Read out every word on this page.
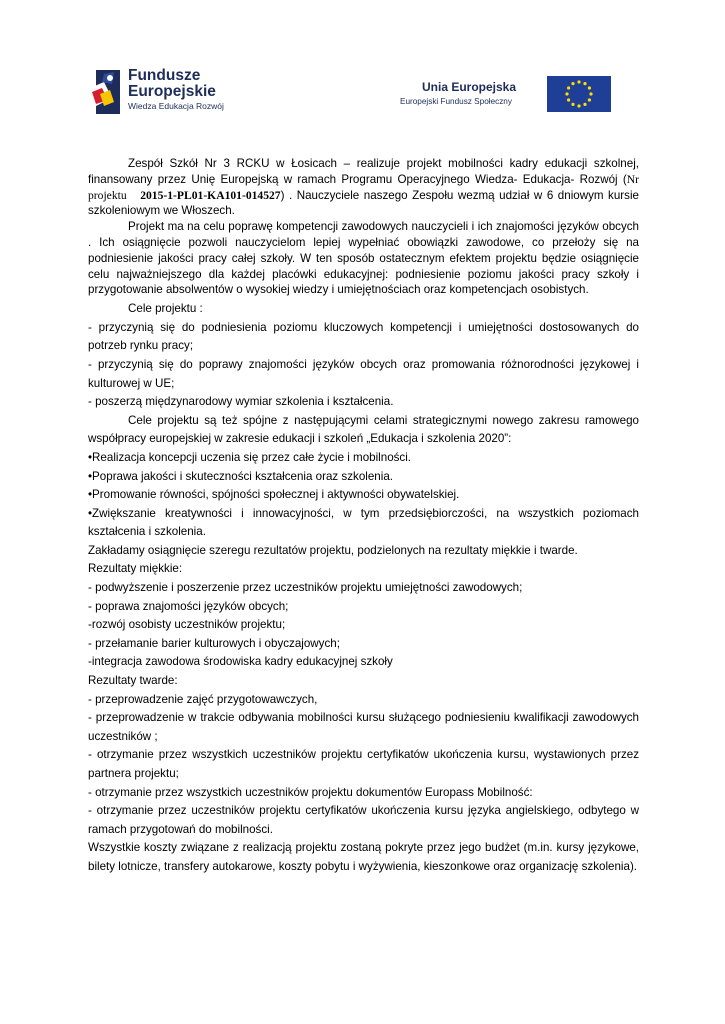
Fundusze
Europejskie
Wiedza Edukacja Rozwój
Unia Europejska
Europejski Fundusz Społeczny

Zespół Szkół Nr 3 RCKU w Łosicach – realizuje projekt mobilności kadry edukacji szkolnej, finansowany przez Unię Europejską w ramach Programu Operacyjnego Wiedza- Edukacja- Rozwój (Nr projektu 2015-1-PL01-KA101-014527) . Nauczyciele naszego Zespołu wezmą udział w 6 dniowym kursie szkoleniowym we Włoszech.

Projekt ma na celu poprawę kompetencji zawodowych nauczycieli i ich znajomości języków obcych . Ich osiągnięcie pozwoli nauczycielom lepiej wypełniać obowiązki zawodowe, co przełoży się na podniesienie jakości pracy całej szkoły. W ten sposób ostatecznym efektem projektu będzie osiągnięcie celu najważniejszego dla każdej placówki edukacyjnej: podniesienie poziomu jakości pracy szkoły i przygotowanie absolwentów o wysokiej wiedzy i umiejętnościach oraz kompetencjach osobistych.

Cele projektu :

- przyczynią się do podniesienia poziomu kluczowych kompetencji i umiejętności dostosowanych do potrzeb rynku pracy;

- przyczynią się do poprawy znajomości języków obcych oraz promowania różnorodności językowej i kulturowej w UE;

- poszerzą międzynarodowy wymiar szkolenia i kształcenia.

Cele projektu są też spójne z następującymi celami strategicznymi nowego zakresu ramowego współpracy europejskiej w zakresie edukacji i szkoleń „Edukacja i szkolenia 2020”:

•Realizacja koncepcji uczenia się przez całe życie i mobilności.

•Poprawa jakości i skuteczności kształcenia oraz szkolenia.

•Promowanie równości, spójności społecznej i aktywności obywatelskiej.

•Zwiększanie kreatywności i innowacyjności, w tym przedsiębiorczości, na wszystkich poziomach kształcenia i szkolenia.

Zakładamy osiągnięcie szeregu rezultatów projektu, podzielonych na rezultaty miękkie i twarde.

Rezultaty miękkie:

- podwyższenie i poszerzenie przez uczestników projektu umiejętności zawodowych;

- poprawa znajomości języków obcych;

-rozwój osobisty uczestników projektu;

- przełamanie barier kulturowych i obyczajowych;

-integracja zawodowa środowiska kadry edukacyjnej szkoły

Rezultaty twarde:

- przeprowadzenie zajęć przygotowawczych,

- przeprowadzenie w trakcie odbywania mobilności kursu służącego podniesieniu kwalifikacji zawodowych uczestników ;

- otrzymanie przez wszystkich uczestników projektu certyfikatów ukończenia kursu, wystawionych przez partnera projektu;

- otrzymanie przez wszystkich uczestników projektu dokumentów Europass Mobilność:

- otrzymanie przez uczestników projektu certyfikatów ukończenia kursu języka angielskiego, odbytego w ramach przygotowań do mobilności.

Wszystkie koszty związane z realizacją projektu zostaną pokryte przez jego budżet (m.in. kursy językowe, bilety lotnicze, transfery autokarowe, koszty pobytu i wyżywienia, kieszonkowe oraz organizację szkolenia).
